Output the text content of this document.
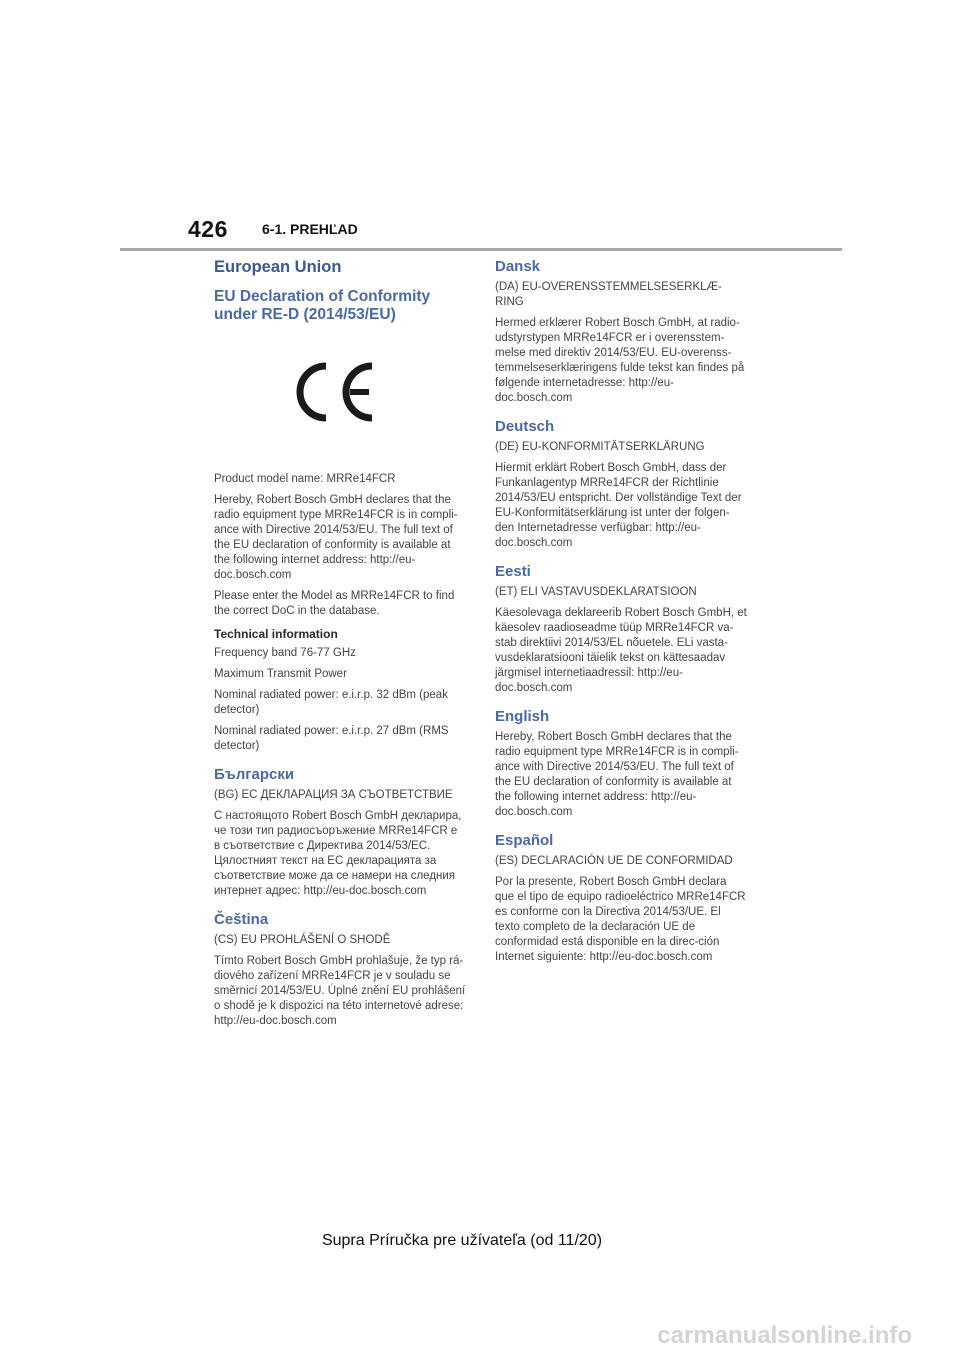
426 6-1. PREHĽAD
European Union
EU Declaration of Conformity under RE-D (2014/53/EU)
Product model name: MRRe14FCR
Hereby, Robert Bosch GmbH declares that the radio equipment type MRRe14FCR is in compli-ance with Directive 2014/53/EU. The full text of the EU declaration of conformity is available at the following internet address: http://eu-doc.bosch.com
Please enter the Model as MRRe14FCR to find the correct DoC in the database.
Technical information
Frequency band 76-77 GHz
Maximum Transmit Power
Nominal radiated power: e.i.r.p. 32 dBm (peak detector)
Nominal radiated power: e.i.r.p. 27 dBm (RMS detector)
Български
(BG) ЕС ДЕКЛАРАЦИЯ ЗА СЪОТВЕТСТВИЕ
С настоящото Robert Bosch GmbH декларира, че този тип радиосъоръжение MRRe14FCR е в съответствие с Директива 2014/53/ЕС. Цялостният текст на ЕС декларацията за съответствие може да се намери на следния интернет адрес: http://eu-doc.bosch.com
Čeština
(CS) EU PROHLÁŠENÍ O SHODĚ
Tímto Robert Bosch GmbH prohlašuje, že typ rá-diového zařízení MRRe14FCR je v souladu se směrnicí 2014/53/EU. Úplné znění EU prohlášení o shodě je k dispozici na této internetové adrese: http://eu-doc.bosch.com
Dansk
(DA) EU-OVERENSSTEMMELSESERKLÆ-RING
Hermed erklærer Robert Bosch GmbH, at radio-udstyrstypen MRRe14FCR er i overensstem-melse med direktiv 2014/53/EU. EU-overenss-temmelseserklæringens fulde tekst kan findes på følgende internetadresse: http://eu-doc.bosch.com
Deutsch
(DE) EU-KONFORMITÄTSERKLÄRUNG
Hiermit erklärt Robert Bosch GmbH, dass der Funkanlagentyp MRRe14FCR der Richtlinie 2014/53/EU entspricht. Der vollständige Text der EU-Konformitätserklärung ist unter der folgen-den Internetadresse verfügbar: http://eu-doc.bosch.com
Eesti
(ET) ELI VASTAVUSDEKLARATSIOON
Käesolevaga deklareerib Robert Bosch GmbH, et käesolev raadioseadme tüüp MRRe14FCR va-stab direktiivi 2014/53/EL nõuetele. ELi vasta-vusdeklaratsiooni täielik tekst on kättesaadav järgmisel internetiaadressil: http://eu-doc.bosch.com
English
Hereby, Robert Bosch GmbH declares that the radio equipment type MRRe14FCR is in compli-ance with Directive 2014/53/EU. The full text of the EU declaration of conformity is available at the following internet address: http://eu-doc.bosch.com
Español
(ES) DECLARACIÓN UE DE CONFORMIDAD
Por la presente, Robert Bosch GmbH declara que el tipo de equipo radioeléctrico MRRe14FCR es conforme con la Directiva 2014/53/UE. El texto completo de la declaración UE de conformidad está disponible en la direc-ción Internet siguiente: http://eu-doc.bosch.com
Supra Príručka pre užívateľa (od 11/20)
carmanualsonline.info
